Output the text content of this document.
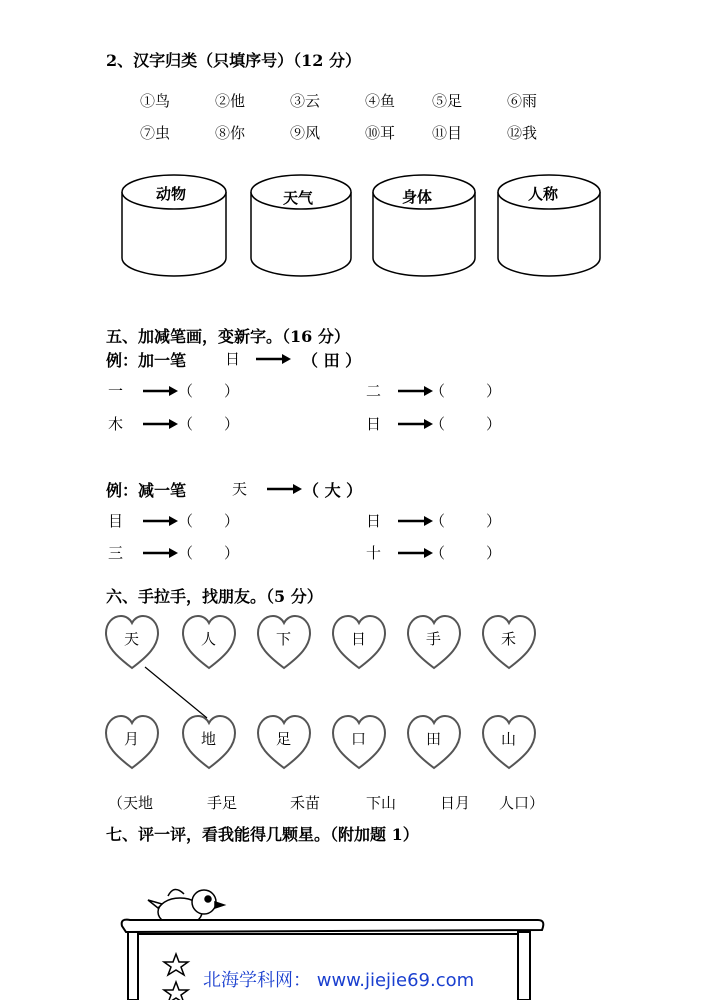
2、汉字归类（只填序号）（12 分）
①鸟	②他	③云	④鱼 ⑤足	⑥雨
⑦虫	⑧你	⑨风	⑩耳 ⑪目	⑫我
动物	天气	身体	人称
五、加减笔画，变新字。（16 分）
例：加一笔	日	（ 田 ）
一	（ ）	二	（	）
木	（ ）	日	（	）
例：减一笔	天	（ 大 ）
目	（ ）	日	（	）
三	（ ）	十	（	）
六、手拉手，找朋友。（5 分）
天	人	下	日	手	禾
月	地	足	口	田	山
（天地	手足	禾苗	下山	日月 人口）
七、评一评，看我能得几颗星。（附加题 1）
北海学科网： www.jiejie69.com
